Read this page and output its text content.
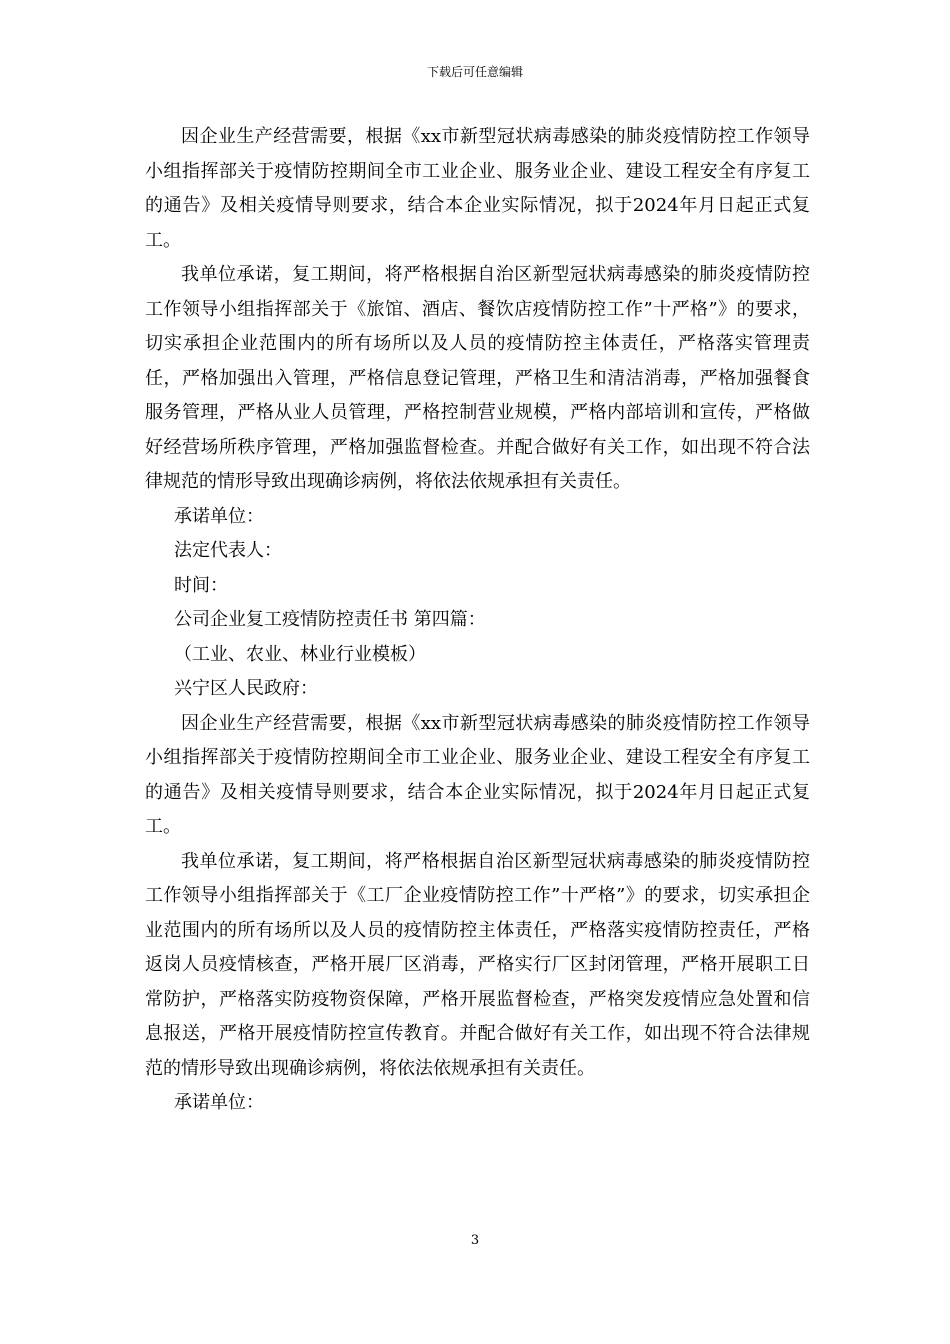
下载后可任意编辑

因企业生产经营需要，根据《xx市新型冠状病毒感染的肺炎疫情防控工作领导小组指挥部关于疫情防控期间全市工业企业、服务业企业、建设工程安全有序复工的通告》及相关疫情导则要求，结合本企业实际情况，拟于2024年月日起正式复工。

我单位承诺，复工期间，将严格根据自治区新型冠状病毒感染的肺炎疫情防控工作领导小组指挥部关于《旅馆、酒店、餐饮店疫情防控工作”十严格”》的要求，切实承担企业范围内的所有场所以及人员的疫情防控主体责任，严格落实管理责任，严格加强出入管理，严格信息登记管理，严格卫生和清洁消毒，严格加强餐食服务管理，严格从业人员管理，严格控制营业规模，严格内部培训和宣传，严格做好经营场所秩序管理，严格加强监督检查。并配合做好有关工作，如出现不符合法律规范的情形导致出现确诊病例，将依法依规承担有关责任。

承诺单位：

法定代表人：

时间：

公司企业复工疫情防控责任书 第四篇：

（工业、农业、林业行业模板）

兴宁区人民政府：

因企业生产经营需要，根据《xx市新型冠状病毒感染的肺炎疫情防控工作领导小组指挥部关于疫情防控期间全市工业企业、服务业企业、建设工程安全有序复工的通告》及相关疫情导则要求，结合本企业实际情况，拟于2024年月日起正式复工。

我单位承诺，复工期间，将严格根据自治区新型冠状病毒感染的肺炎疫情防控工作领导小组指挥部关于《工厂企业疫情防控工作”十严格”》的要求，切实承担企业范围内的所有场所以及人员的疫情防控主体责任，严格落实疫情防控责任，严格返岗人员疫情核查，严格开展厂区消毒，严格实行厂区封闭管理，严格开展职工日常防护，严格落实防疫物资保障，严格开展监督检查，严格突发疫情应急处置和信息报送，严格开展疫情防控宣传教育。并配合做好有关工作，如出现不符合法律规范的情形导致出现确诊病例，将依法依规承担有关责任。

承诺单位：

3
